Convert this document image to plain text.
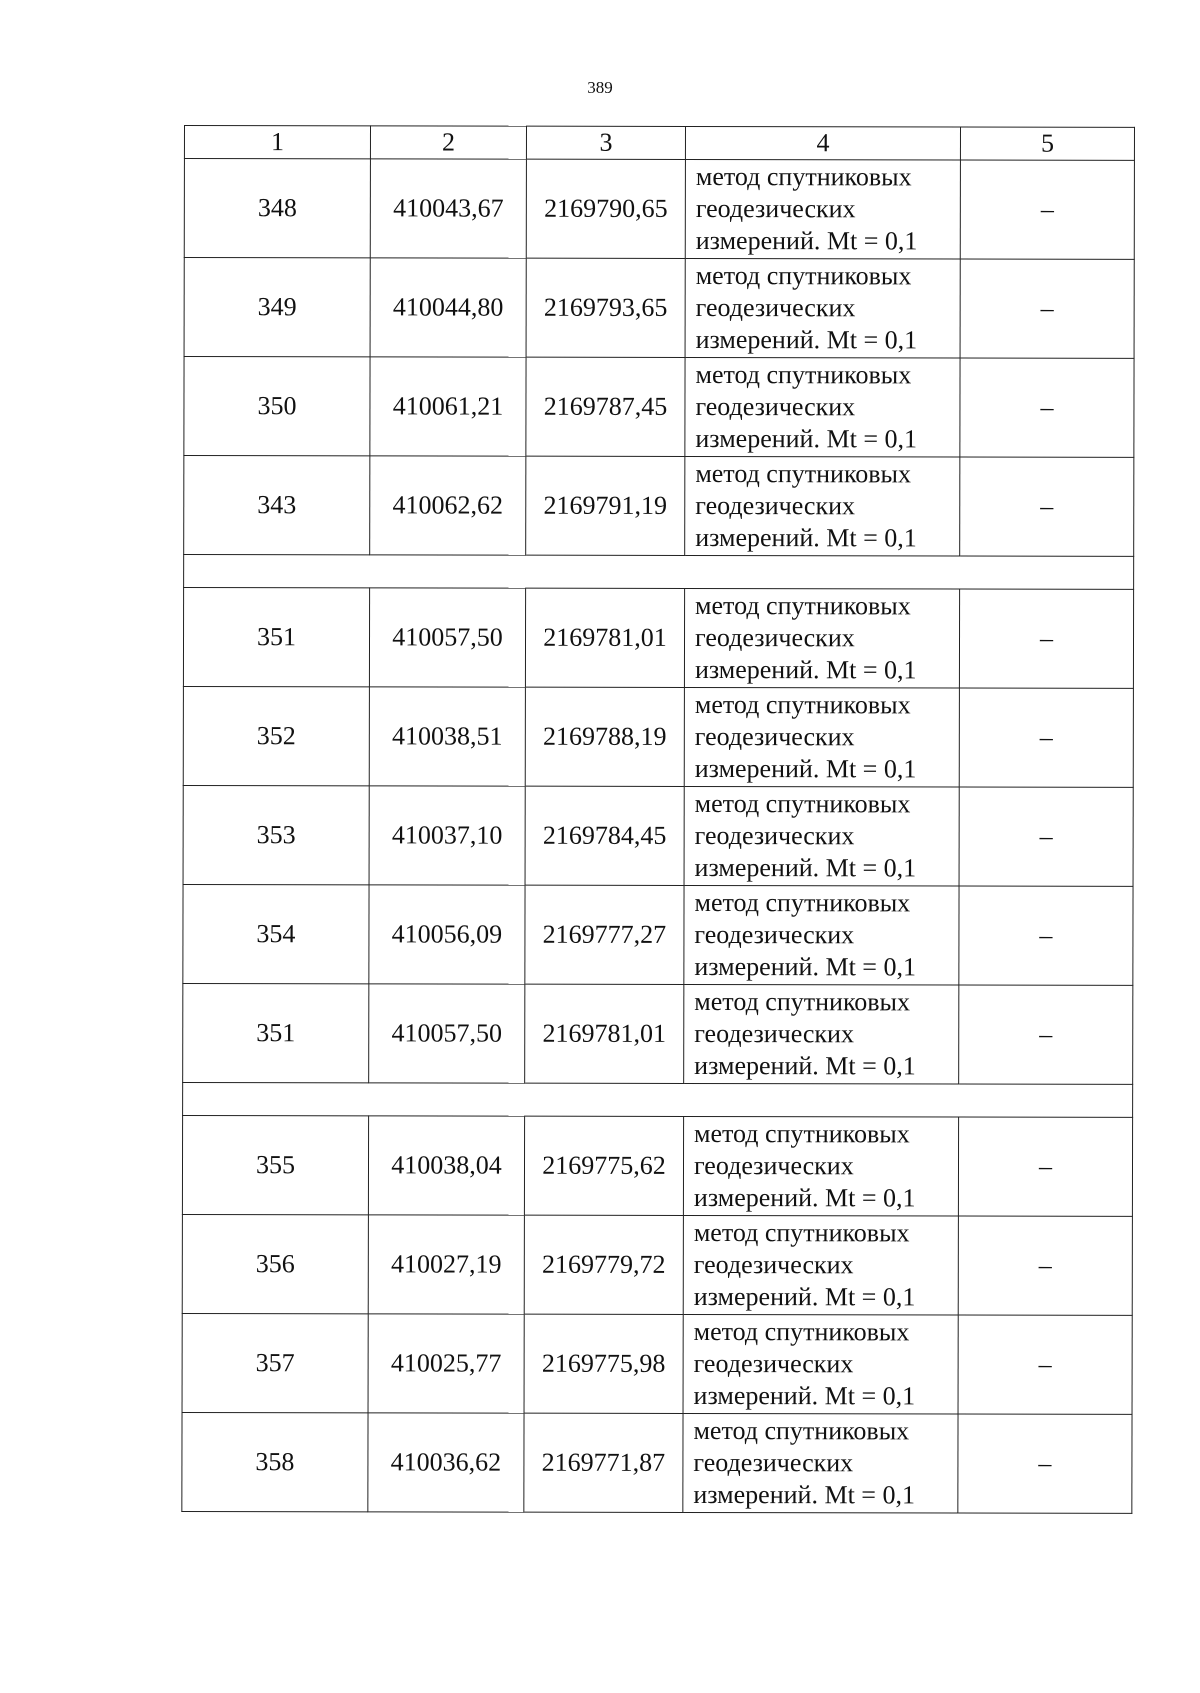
389
1	2	3	4	5
348	410043,67	2169790,65	метод спутниковых
геодезических
измерений. Mt = 0,1	–
349	410044,80	2169793,65	метод спутниковых
геодезических
измерений. Mt = 0,1	–
350	410061,21	2169787,45	метод спутниковых
геодезических
измерений. Mt = 0,1	–
343	410062,62	2169791,19	метод спутниковых
геодезических
измерений. Mt = 0,1	–

351	410057,50	2169781,01	метод спутниковых
геодезических
измерений. Mt = 0,1	–
352	410038,51	2169788,19	метод спутниковых
геодезических
измерений. Mt = 0,1	–
353	410037,10	2169784,45	метод спутниковых
геодезических
измерений. Mt = 0,1	–
354	410056,09	2169777,27	метод спутниковых
геодезических
измерений. Mt = 0,1	–
351	410057,50	2169781,01	метод спутниковых
геодезических
измерений. Mt = 0,1	–

355	410038,04	2169775,62	метод спутниковых
геодезических
измерений. Mt = 0,1	–
356	410027,19	2169779,72	метод спутниковых
геодезических
измерений. Mt = 0,1	–
357	410025,77	2169775,98	метод спутниковых
геодезических
измерений. Mt = 0,1	–
358	410036,62	2169771,87	метод спутниковых
геодезических
измерений. Mt = 0,1	–
